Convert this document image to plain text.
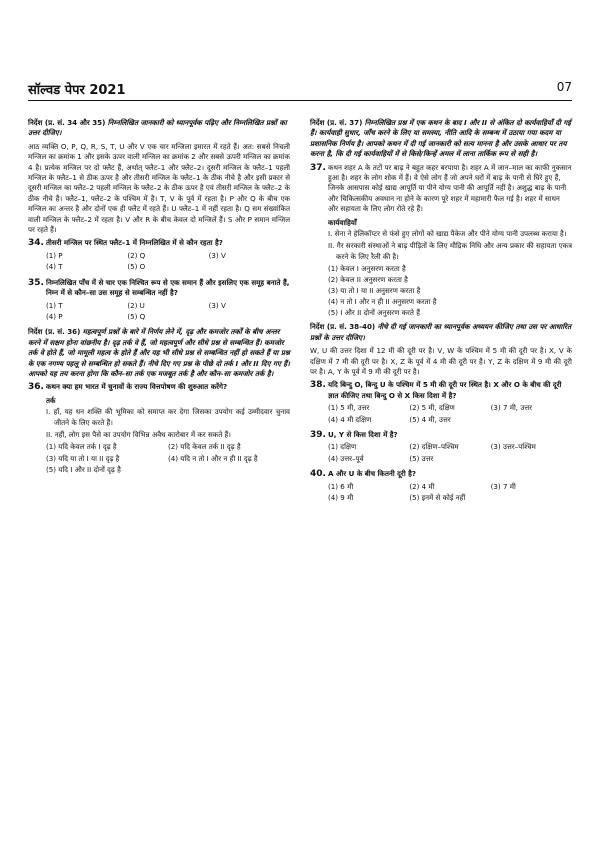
सॉल्वड पेपर 2021	07
निर्देश (प्र. सं. 34 और 35) निम्नलिखित जानकारी को ध्यानपूर्वक पढ़िए और निम्नलिखित प्रश्नों का उत्तर दीजिए।

आठ व्यक्ति O, P, Q, R, S, T, U और V एक चार मन्जिला इमारत में रहते हैं। अत: सबसे निचली मन्जिल का क्रमांक 1 और इसके ऊपर वाली मन्जिल का क्रमांक 2 और सबसे ऊपरी मन्जिल का क्रमांक 4 है। प्रत्येक मन्जिल पर दो फ्लैट हैं, अर्थात् फ्लैट–1 और फ्लैट–2। दूसरी मन्जिल के फ्लैट–1 पहली मन्जिल के फ्लैट–1 से ठीक ऊपर है और तीसरी मन्जिल के फ्लैट–1 के ठीक नीचे है और इसी प्रकार से दूसरी मन्जिल का फ्लैट–2 पहली मन्जिल के फ्लैट–2 के ठीक ऊपर है एवं तीसरी मन्जिल के फ्लैट–2 के ठीक नीचे है। फ्लैट–1, फ्लैट–2 के पश्चिम में है। T, V के पूर्व में रहता है। P और Q के बीच एक मन्जिल का अन्तर है और दोनों एक ही फ्लैट में रहते हैं। U फ्लैट–1 में नहीं रहता है। Q सम संख्यांकित वाली मन्जिल के फ्लैट–2 में रहता है। V और R के बीच केवल दो मन्जिलें हैं। S और P समान मन्जिल पर रहते हैं।

34. तीसरी मन्जिल पर स्थित फ्लैट–1 में निम्नलिखित में से कौन रहता है?
(1) P	(2) Q	(3) V
(4) T	(5) O
35. निम्नलिखित पाँच में से चार एक निश्चित रूप से एक समान हैं और इसलिए एक समूह बनाते हैं, निम्न में से कौन–सा उस समूह से सम्बन्धित नहीं है?
(1) T	(2) U	(3) V
(4) P	(5) Q
निर्देश (प्र. सं. 36) महत्वपूर्ण प्रश्नों के बारे में निर्णय लेने में, दृढ़ और कमजोर तर्कों के बीच अन्तर करने में सक्षम होना वांछनीय है। दृढ़ तर्क वे हैं, जो महत्वपूर्ण और सीधे प्रश्न से सम्बन्धित हैं। कमजोर तर्क वे होते हैं, जो मामूली महत्व के होते हैं और यह भी सीधे प्रश्न से सम्बन्धित नहीं हो सकते हैं या प्रश्न के एक नगण्य पहलू से सम्बन्धित हो सकते हैं। नीचे दिए गए प्रश्न के पीछे दो तर्क I और II दिए गए हैं। आपको यह तय करना होगा कि कौन–सा तर्क एक मजबूत तर्क है और कौन–सा कमजोर तर्क है।
36. कथन क्या हम भारत में चुनावों के राज्य वित्तपोषण की शुरुआत करेंगे?
तर्क
I. हाँ, यह धन शक्ति की भूमिका को समाप्त कर देगा जिसका उपयोग कई उम्मीदवार चुनाव जीतने के लिए करते हैं।
II. नहीं, लोग इस पैसे का उपयोग विभिन्न अवैध कारोबार में कर सकते हैं।
(1) यदि केवल तर्क I दृढ़ है	(2) यदि केवल तर्क II दृढ़ है
(3) यदि या तो I या II दृढ़ है	(4) यदि न तो I और न ही II दृढ़ है
(5) यदि I और II दोनों दृढ़ है
निर्देश (प्र. सं. 37) निम्नलिखित प्रश्न में एक कथन के बाद I और II से अंकित दो कार्यवाहियाँ दी गई हैं। कार्यवाही सुधार, जाँच करने के लिए या समस्या, नीति आदि के सम्बन्ध में उठाया गया कदम या प्रशासनिक निर्णय है। आपको कथन में दी गई जानकारी को सत्य मानना है और उसके आधार पर तय करना है, कि दी गई कार्यवाहियों में से किसे/किन्हें अमल में लाना तार्किक रूप से सही है।
37. कथन शहर A के तटों पर बाढ़ ने बहुत कहर बरपाया है। शहर A में जान–माल का काफी नुकसान हुआ है। शहर के लोग शोक में हैं। वे ऐसे लोग हैं जो अपने घरों में बाढ़ के पानी से घिरे हुए हैं, जिनके आसपास कोई खाद्य आपूर्ति या पीने योग्य पानी की आपूर्ति नहीं है। अशुद्ध बाढ़ के पानी और चिकित्सकीय अवधान ना होने के कारण पूरे शहर में महामारी फैल गई है। शहर में साधन और सहायता के लिए लोग रोते रहे हैं।
कार्यवाहियाँ
I. सेना ने हेलिकॉप्टर से फंसे हुए लोगों को खाद्य पैकेज और पीने योग्य पानी उपलब्ध कराया है।
II. गैर सरकारी संस्थाओं ने बाढ़ पीड़ितों के लिए मौद्रिक निधि और अन्य प्रकार की सहायता एकत्र करने के लिए रैली की है।
(1) केवल I अनुसरण करता है
(2) केवल II अनुसरण करता है
(3) या तो I या II अनुसरण करता है
(4) न तो I और न ही II अनुसरण करता है
(5) I और II दोनों अनुसरण करते हैं
निर्देश (प्र. सं. 38-40) नीचे दी गई जानकारी का ध्यानपूर्वक अध्ययन कीजिए तथा उस पर आधारित प्रश्नों के उत्तर दीजिए।

W, U की उत्तर दिशा में 12 मी की दूरी पर है। V, W के पश्चिम में 5 मी की दूरी पर है। X, V के दक्षिण में 7 मी की दूरी पर है। X, Z के पूर्व में 4 मी की दूरी पर है। Y, Z के दक्षिण में 9 मी की दूरी पर है। A, Y के पूर्व में 9 मी की दूरी पर है।

38. यदि बिन्दु O, बिन्दु U के पश्चिम में 5 मी की दूरी पर स्थित है। X और O के बीच की दूरी ज्ञात कीजिए तथा बिन्दु O से X किस दिशा में है?
(1) 5 मी, उत्तर	(2) 5 मी, दक्षिण	(3) 7 मी, उत्तर
(4) 4 मी दक्षिण	(5) 4 मी, उत्तर
39. U, Y से किस दिशा में है?
(1) दक्षिण	(2) दक्षिण–पश्चिम	(3) उत्तर–पश्चिम
(4) उत्तर–पूर्व	(5) उत्तर
40. A और U के बीच कितनी दूरी है?
(1) 6 मी	(2) 4 मी	(3) 7 मी
(4) 9 मी	(5) इनमें से कोई नहीं
